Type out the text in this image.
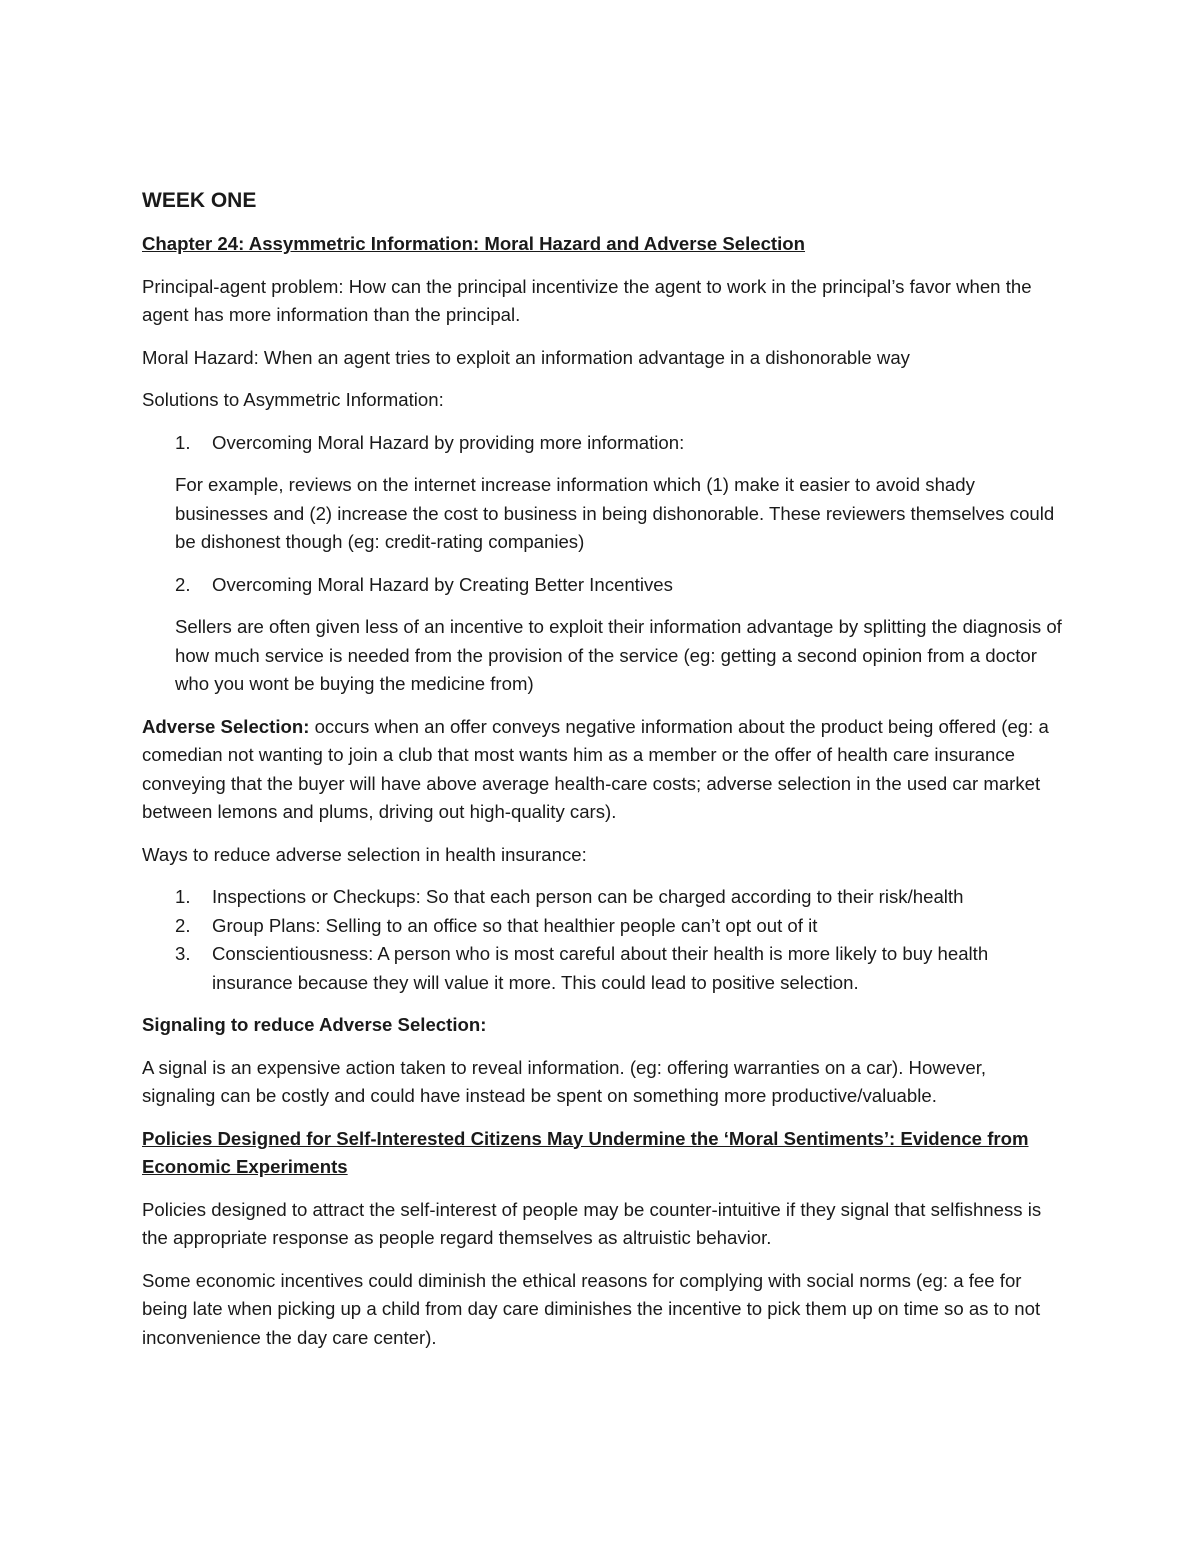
WEEK ONE
Chapter 24: Assymmetric Information: Moral Hazard and Adverse Selection

Principal-agent problem: How can the principal incentivize the agent to work in the principal’s favor when the agent has more information than the principal.

Moral Hazard: When an agent tries to exploit an information advantage in a dishonorable way

Solutions to Asymmetric Information:

1. Overcoming Moral Hazard by providing more information:

For example, reviews on the internet increase information which (1) make it easier to avoid shady businesses and (2) increase the cost to business in being dishonorable. These reviewers themselves could be dishonest though (eg: credit-rating companies)

2. Overcoming Moral Hazard by Creating Better Incentives

Sellers are often given less of an incentive to exploit their information advantage by splitting the diagnosis of how much service is needed from the provision of the service (eg: getting a second opinion from a doctor who you wont be buying the medicine from)

Adverse Selection: occurs when an offer conveys negative information about the product being offered (eg: a comedian not wanting to join a club that most wants him as a member or the offer of health care insurance conveying that the buyer will have above average health-care costs; adverse selection in the used car market between lemons and plums, driving out high-quality cars).

Ways to reduce adverse selection in health insurance:

1. Inspections or Checkups: So that each person can be charged according to their risk/health
2. Group Plans: Selling to an office so that healthier people can’t opt out of it
3. Conscientiousness: A person who is most careful about their health is more likely to buy health insurance because they will value it more. This could lead to positive selection.

Signaling to reduce Adverse Selection:

A signal is an expensive action taken to reveal information. (eg: offering warranties on a car). However, signaling can be costly and could have instead be spent on something more productive/valuable.

Policies Designed for Self-Interested Citizens May Undermine the ‘Moral Sentiments’: Evidence from Economic Experiments

Policies designed to attract the self-interest of people may be counter-intuitive if they signal that selfishness is the appropriate response as people regard themselves as altruistic behavior.

Some economic incentives could diminish the ethical reasons for complying with social norms (eg: a fee for being late when picking up a child from day care diminishes the incentive to pick them up on time so as to not inconvenience the day care center).
